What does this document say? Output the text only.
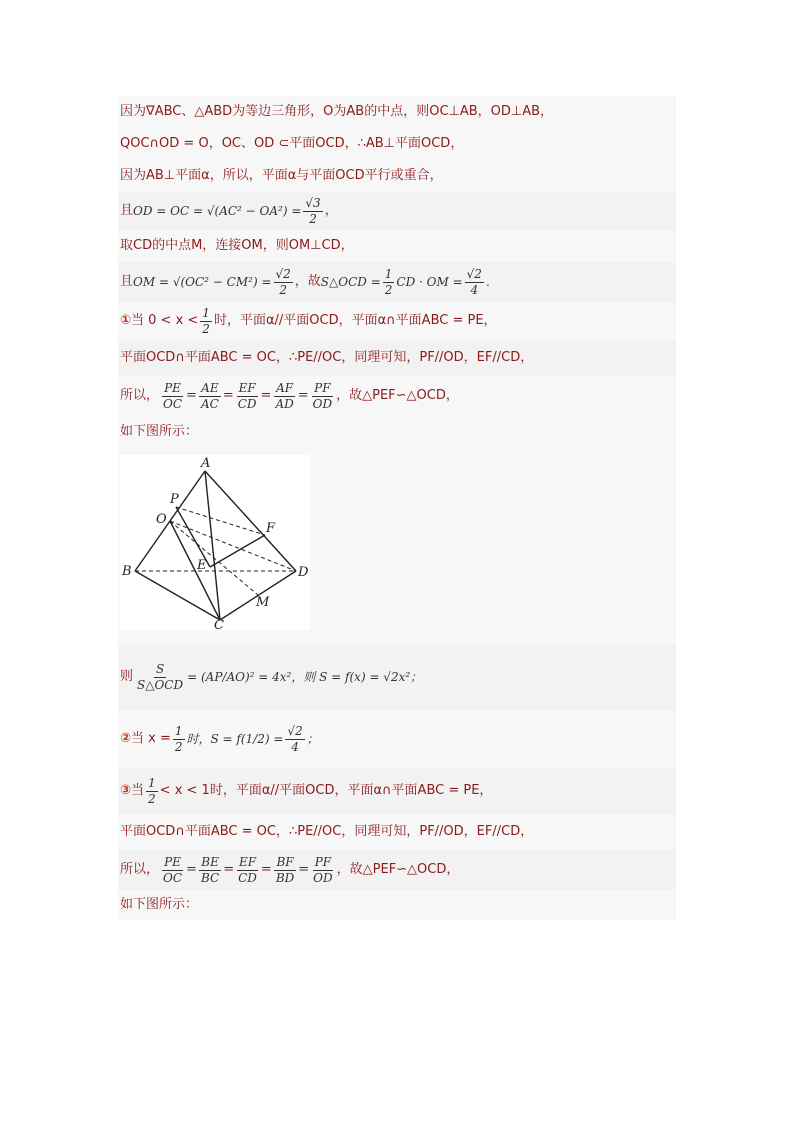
因为∇ABC、△ABD为等边三角形，O为AB的中点，则OC⊥AB，OD⊥AB，
QOC∩OD = O，OC、OD ⊂平面OCD，∴AB⊥平面OCD，
因为AB⊥平面α，所以，平面α与平面OCD平行或重合，
且 OD = OC = $√(AC^2 - OA^2) = \frac{√3}{2}$ ，
取CD的中点M，连接OM，则OM⊥CD，
且 OM = $√(OC^2 - CM^2) = \frac{√2}{2}$ ，故 S△OCD = $\frac{1}{2}$ CD · OM = $\frac{√2}{4}$ .
① 当 $0 < x < \frac{1}{2}$ 时，平面α//平面OCD，平面α∩平面ABC = PE，
平面OCD∩平面ABC = OC，∴PE//OC，同理可知，PF//OD，EF//CD，
所以， $\frac{PE}{OC} = \frac{AE}{AC} = \frac{EF}{CD} = \frac{AF}{AD} = \frac{PF}{OD}$ ，故△PEF∽△OCD，
如下图所示：
则 $\frac{S}{\text{S△OCD}} = (AP/AO)^2 = 4x^2$，则 S = f(x) = √2x²；
② 当 $x = \frac{1}{2}$ 时，$S = f(1/2) = \frac{√2}{4}$ ；
③ 当 $\frac{1}{2} < x < 1$时，平面α//平面OCD，平面α∩平面ABC = PE，
平面OCD∩平面ABC = OC，∴PE//OC，同理可知，PF//OD，EF//CD，
所以， $\frac{PE}{OC} = \frac{BE}{BC} = \frac{EF}{CD} = \frac{BF}{BD} = \frac{PF}{OD}$ ，故△PEF∽△OCD，
如下图所示：
A
P
O
F
B	E	D
M
C
